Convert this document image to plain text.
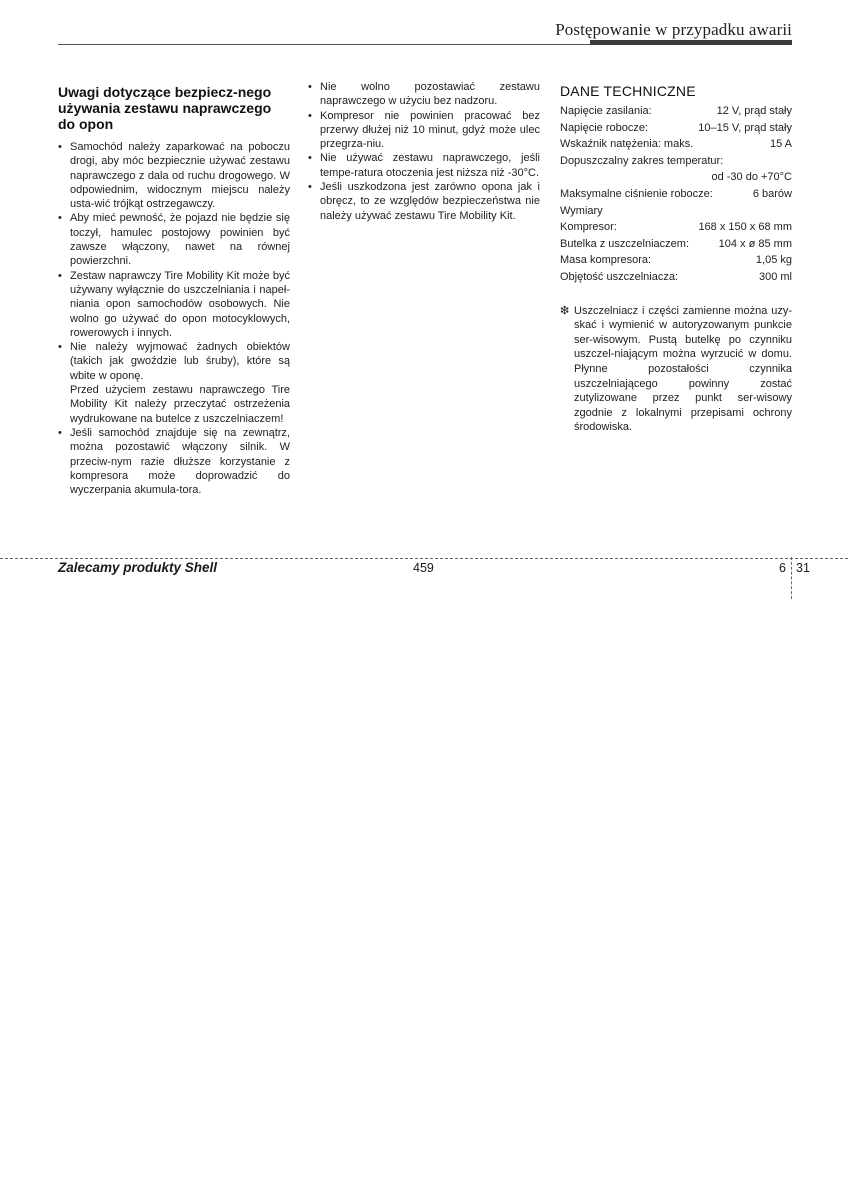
Postępowanie w przypadku awarii
Uwagi dotyczące bezpiecz-nego używania zestawu naprawczego do opon
• Samochód należy zaparkować na poboczu drogi, aby móc bezpiecznie używać zestawu naprawczego z dala od ruchu drogowego. W odpowiednim, widocznym miejscu należy usta-wić trójkąt ostrzegawczy.
• Aby mieć pewność, że pojazd nie będzie się toczył, hamulec postojowy powinien być zawsze włączony, nawet na równej powierzchni.
• Zestaw naprawczy Tire Mobility Kit może być używany wyłącznie do uszczelniania i napeł-niania opon samochodów osobowych. Nie wolno go używać do opon motocyklowych, rowerowych i innych.
• Nie należy wyjmować żadnych obiektów (takich jak gwoździe lub śruby), które są wbite w oponę.
Przed użyciem zestawu naprawczego Tire Mobility Kit należy przeczytać ostrzeżenia wydrukowane na butelce z uszczelniaczem!
• Jeśli samochód znajduje się na zewnątrz, można pozostawić włączony silnik. W przeciw-nym razie dłuższe korzystanie z kompresora może doprowadzić do wyczerpania akumula-tora.
• Nie wolno pozostawiać zestawu naprawczego w użyciu bez nadzoru.
• Kompresor nie powinien pracować bez przerwy dłużej niż 10 minut, gdyż może ulec przegrza-niu.
• Nie używać zestawu naprawczego, jeśli tempe-ratura otoczenia jest niższa niż -30°C.
• Jeśli uszkodzona jest zarówno opona jak i obręcz, to ze względów bezpieczeństwa nie należy używać zestawu Tire Mobility Kit.
DANE TECHNICZNE
Napięcie zasilania:	12 V, prąd stały
Napięcie robocze:	10–15 V, prąd stały
Wskaźnik natężenia: maks.	15 A
Dopuszczalny zakres temperatur:
od -30 do +70°C
Maksymalne ciśnienie robocze:	6 barów
Wymiary
Kompresor:	168 x 150 x 68 mm
Butelka z uszczelniaczem:	104 x ø 85 mm
Masa kompresora:	1,05 kg
Objętość uszczelniacza:	300 ml
❇ Uszczelniacz i części zamienne można uzy-skać i wymienić w autoryzowanym punkcie ser-wisowym. Pustą butelkę po czynniku uszczel-niającym można wyrzucić w domu. Płynne pozostałości czynnika uszczelniającego powinny zostać zutylizowane przez punkt ser-wisowy zgodnie z lokalnymi przepisami ochrony środowiska.
Zalecamy produkty Shell	459	6 31
